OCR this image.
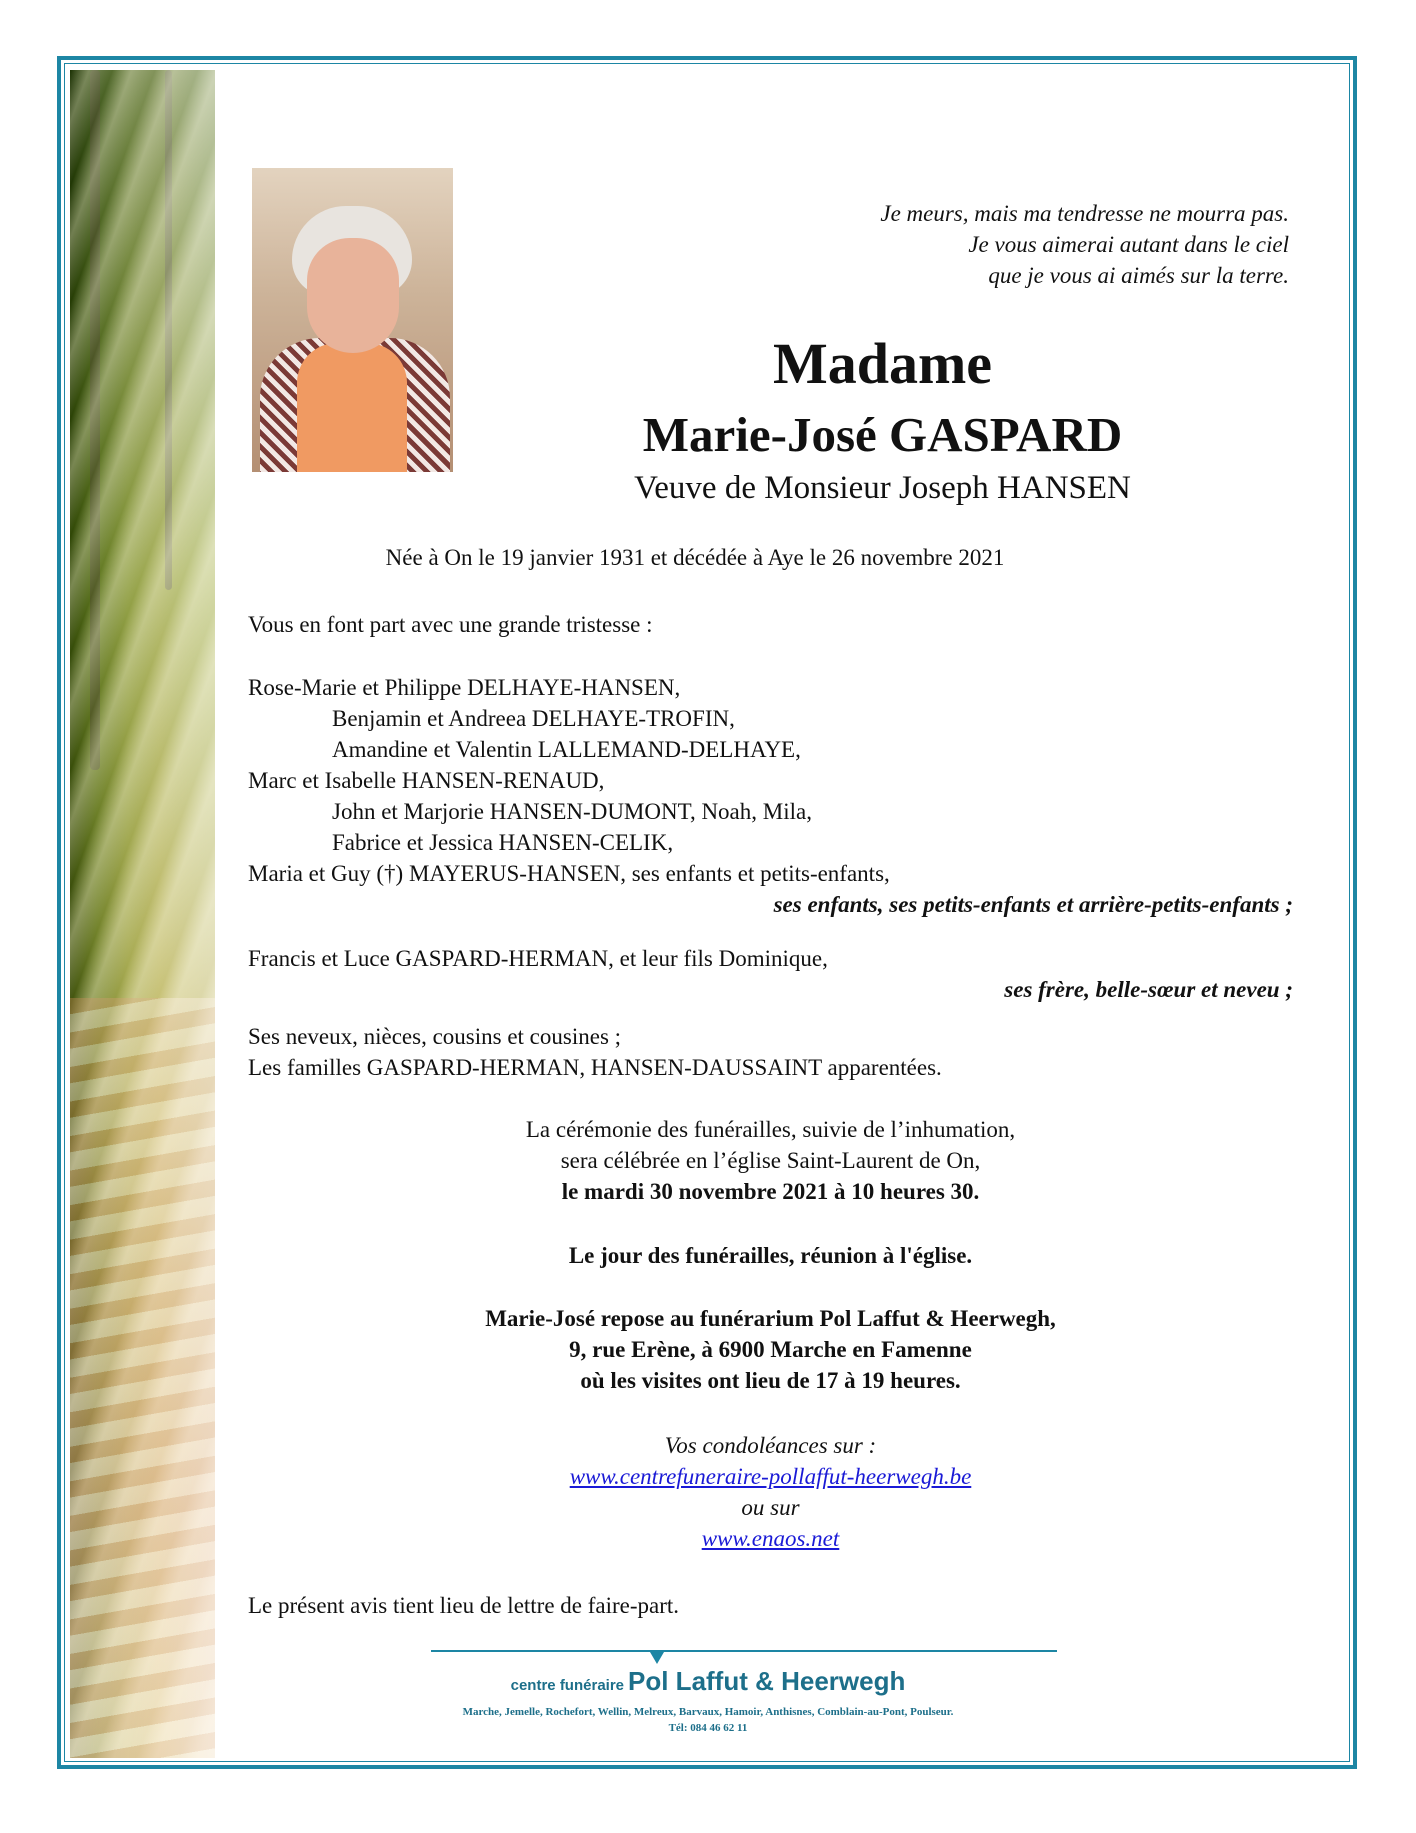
Je meurs, mais ma tendresse ne mourra pas.
Je vous aimerai autant dans le ciel
que je vous ai aimés sur la terre.
Madame
Marie-José GASPARD
Veuve de Monsieur Joseph HANSEN
Née à On le 19 janvier 1931 et décédée à Aye le 26 novembre 2021
Vous en font part avec une grande tristesse :
Rose-Marie et Philippe DELHAYE-HANSEN,
Benjamin et Andreea DELHAYE-TROFIN,
Amandine et Valentin LALLEMAND-DELHAYE,
Marc et Isabelle HANSEN-RENAUD,
John et Marjorie HANSEN-DUMONT, Noah, Mila,
Fabrice et Jessica HANSEN-CELIK,
Maria et Guy (†) MAYERUS-HANSEN, ses enfants et petits-enfants,
ses enfants, ses petits-enfants et arrière-petits-enfants ;
Francis et Luce GASPARD-HERMAN, et leur fils Dominique,
ses frère, belle-sœur et neveu ;
Ses neveux, nièces, cousins et cousines ;
Les familles GASPARD-HERMAN, HANSEN-DAUSSAINT apparentées.
La cérémonie des funérailles, suivie de l’inhumation,
sera célébrée en l’église Saint-Laurent de On,
le mardi 30 novembre 2021 à 10 heures 30.
Le jour des funérailles, réunion à l'église.
Marie-José repose au funérarium Pol Laffut & Heerwegh,
9, rue Erène, à 6900 Marche en Famenne
où les visites ont lieu de 17 à 19 heures.
Vos condoléances sur :
www.centrefuneraire-pollaffut-heerwegh.be
ou sur
www.enaos.net
Le présent avis tient lieu de lettre de faire-part.
centre funéraire Pol Laffut & Heerwegh
Marche, Jemelle, Rochefort, Wellin, Melreux, Barvaux, Hamoir, Anthisnes, Comblain-au-Pont, Poulseur.
Tél: 084 46 62 11
